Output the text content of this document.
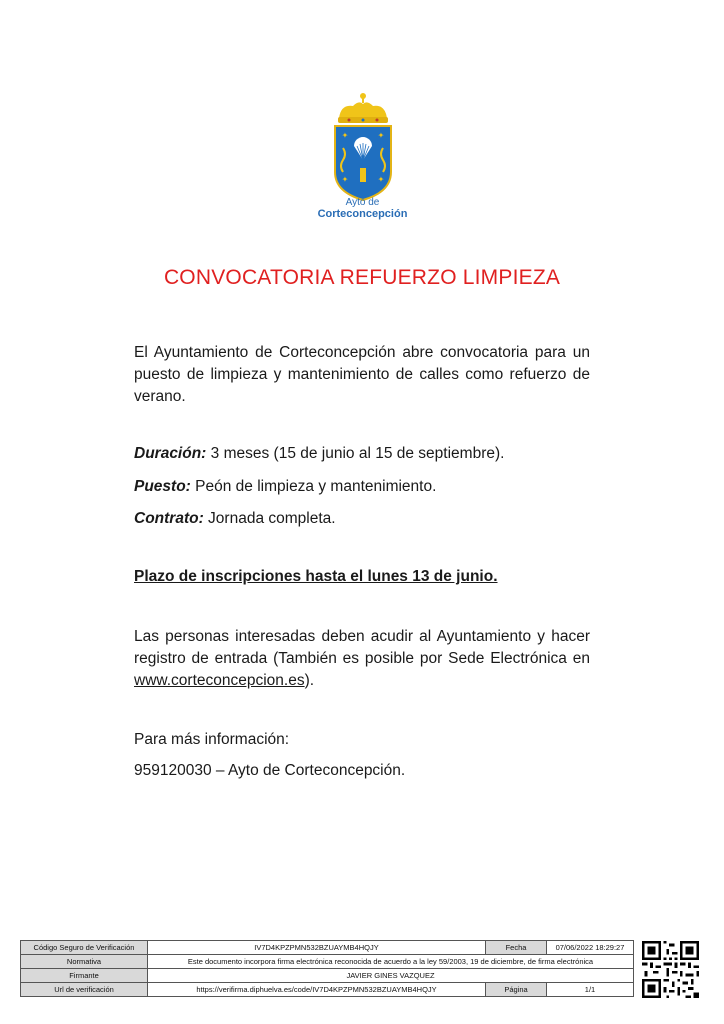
✦	✦
✦	✦
Ayto de
Corteconcepción
CONVOCATORIA REFUERZO LIMPIEZA

El Ayuntamiento de Corteconcepción abre convocatoria para un puesto de limpieza y mantenimiento de calles como refuerzo de verano.

Duración: 3 meses (15 de junio al 15 de septiembre).
Puesto: Peón de limpieza y mantenimiento.
Contrato: Jornada completa.
Plazo de inscripciones hasta el lunes 13 de junio.

Las personas interesadas deben acudir al Ayuntamiento y hacer registro de entrada (También es posible por Sede Electrónica en www.corteconcepcion.es).

Para más información:
959120030 – Ayto de Corteconcepción.
Código Seguro de Verificación	IV7D4KPZPMN532BZUAYMB4HQJY	Fecha	07/06/2022 18:29:27
Normativa	Este documento incorpora firma electrónica reconocida de acuerdo a la ley 59/2003, 19 de diciembre, de firma electrónica		
Firmante	JAVIER GINES VAZQUEZ		
Url de verificación	https://verifirma.diphuelva.es/code/IV7D4KPZPMN532BZUAYMB4HQJY	Página	1/1
